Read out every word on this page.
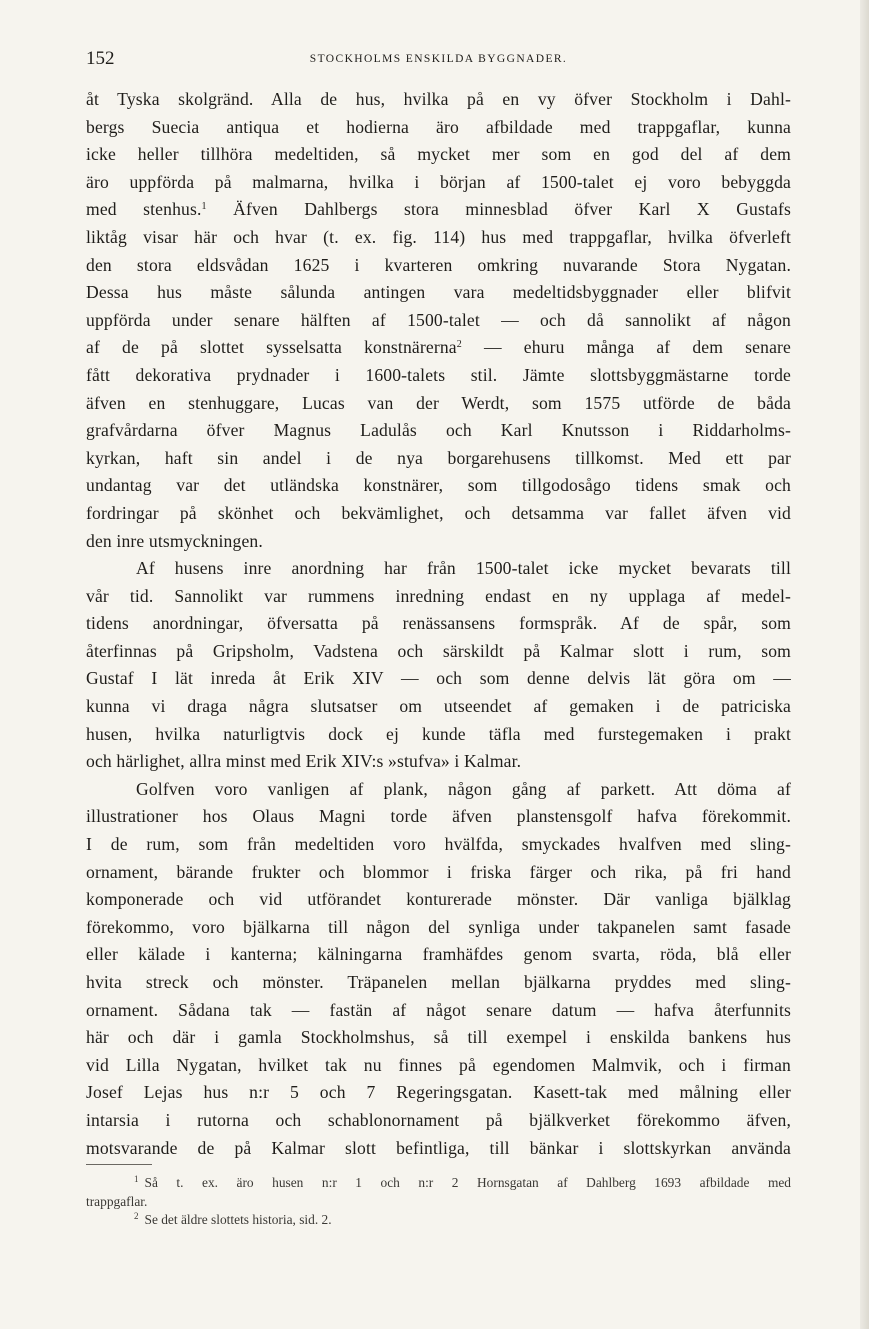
152	STOCKHOLMS ENSKILDA BYGGNADER.
åt Tyska skolgränd. Alla de hus, hvilka på en vy öfver Stockholm i Dahl-
bergs Suecia antiqua et hodierna äro afbildade med trappgaflar, kunna
icke heller tillhöra medeltiden, så mycket mer som en god del af dem
äro uppförda på malmarna, hvilka i början af 1500-talet ej voro bebyggda
med stenhus.$^1$ Äfven Dahlbergs stora minnesblad öfver Karl X Gustafs
liktåg visar här och hvar (t. ex. fig. 114) hus med trappgaflar, hvilka öfverleft
den stora eldsvådan 1625 i kvarteren omkring nuvarande Stora Nygatan.
Dessa hus måste sålunda antingen vara medeltidsbyggnader eller blifvit
uppförda under senare hälften af 1500-talet — och då sannolikt af någon
af de på slottet sysselsatta konstnärerna$^2$ — ehuru många af dem senare
fått dekorativa prydnader i 1600-talets stil. Jämte slottsbyggmästarne torde
äfven en stenhuggare, Lucas van der Werdt, som 1575 utförde de båda
grafvårdarna öfver Magnus Ladulås och Karl Knutsson i Riddarholms-
kyrkan, haft sin andel i de nya borgarehusens tillkomst. Med ett par
undantag var det utländska konstnärer, som tillgodosågo tidens smak och
fordringar på skönhet och bekvämlighet, och detsamma var fallet äfven vid
den inre utsmyckningen.
Af husens inre anordning har från 1500-talet icke mycket bevarats till
vår tid. Sannolikt var rummens inredning endast en ny upplaga af medel-
tidens anordningar, öfversatta på renässansens formspråk. Af de spår, som
återfinnas på Gripsholm, Vadstena och särskildt på Kalmar slott i rum, som
Gustaf I lät inreda åt Erik XIV — och som denne delvis lät göra om —
kunna vi draga några slutsatser om utseendet af gemaken i de patriciska
husen, hvilka naturligtvis dock ej kunde täfla med furstegemaken i prakt
och härlighet, allra minst med Erik XIV:s »stufva» i Kalmar.
Golfven voro vanligen af plank, någon gång af parkett. Att döma af
illustrationer hos Olaus Magni torde äfven planstensgolf hafva förekommit.
I de rum, som från medeltiden voro hvälfda, smyckades hvalfven med sling-
ornament, bärande frukter och blommor i friska färger och rika, på fri hand
komponerade och vid utförandet konturerade mönster. Där vanliga bjälklag
förekommo, voro bjälkarna till någon del synliga under takpanelen samt fasade
eller kälade i kanterna; kälningarna framhäfdes genom svarta, röda, blå eller
hvita streck och mönster. Träpanelen mellan bjälkarna pryddes med sling-
ornament. Sådana tak — fastän af något senare datum — hafva återfunnits
här och där i gamla Stockholmshus, så till exempel i enskilda bankens hus
vid Lilla Nygatan, hvilket tak nu finnes på egendomen Malmvik, och i firman
Josef Lejas hus n:r 5 och 7 Regeringsgatan. Kasett-tak med målning eller
intarsia i rutorna och schablonornament på bjälkverket förekommo äfven,
motsvarande de på Kalmar slott befintliga, till bänkar i slottskyrkan använda
$^1$ Så t. ex. äro husen n:r 1 och n:r 2 Hornsgatan af Dahlberg 1693 afbildade med
trappgaflar.
$^2$ Se det äldre slottets historia, sid. 2.
